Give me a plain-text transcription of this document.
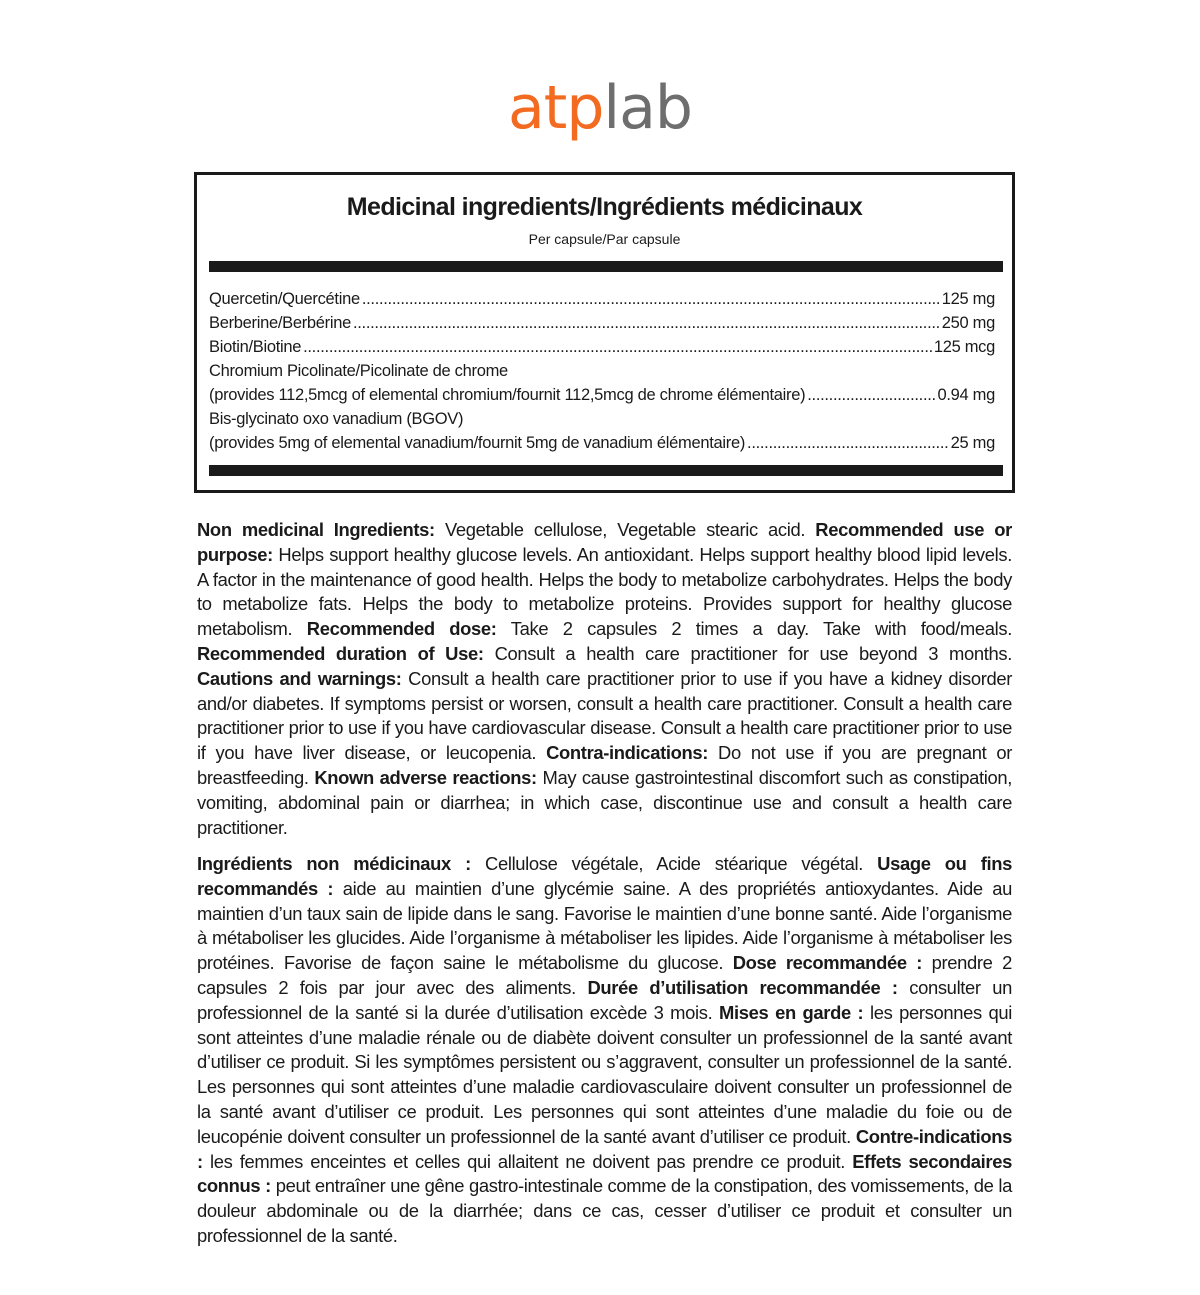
atplab
Medicinal ingredients/Ingrédients médicinaux
Per capsule/Par capsule
Quercetin/Quercétine .....	125 mg
Berberine/Berbérine .....	250 mg
Biotin/Biotine .....	125 mcg
Chromium Picolinate/Picolinate de chrome
(provides 112,5mcg of elemental chromium/fournit 112,5mcg de chrome élémentaire) .....	0.94 mg
Bis-glycinato oxo vanadium (BGOV)
(provides 5mg of elemental vanadium/fournit 5mg de vanadium élémentaire) .....	25 mg

Non medicinal Ingredients: Vegetable cellulose, Vegetable stearic acid. Recommended use or purpose: Helps support healthy glucose levels. An antioxidant. Helps support healthy blood lipid levels. A factor in the maintenance of good health. Helps the body to metabolize carbohydrates. Helps the body to metabolize fats. Helps the body to metabolize proteins. Provides support for healthy glucose metabolism. Recommended dose: Take 2 capsules 2 times a day. Take with food/meals. Recommended duration of Use: Consult a health care practitioner for use beyond 3 months. Cautions and warnings: Consult a health care practitioner prior to use if you have a kidney disorder and/or diabetes. If symptoms persist or worsen, consult a health care practitioner. Consult a health care practitioner prior to use if you have cardiovascular disease. Consult a health care practitioner prior to use if you have liver disease, or leucopenia. Contra-indications: Do not use if you are pregnant or breastfeeding. Known adverse reactions: May cause gastrointestinal discomfort such as constipation, vomiting, abdominal pain or diarrhea; in which case, discontinue use and consult a health care practitioner.

Ingrédients non médicinaux : Cellulose végétale, Acide stéarique végétal. Usage ou fins recommandés : aide au maintien d’une glycémie saine. A des propriétés antioxydantes. Aide au maintien d’un taux sain de lipide dans le sang. Favorise le maintien d’une bonne santé. Aide l’organisme à métaboliser les glucides. Aide l’organisme à métaboliser les lipides. Aide l’organisme à métaboliser les protéines. Favorise de façon saine le métabolisme du glucose. Dose recommandée : prendre 2 capsules 2 fois par jour avec des aliments. Durée d’utilisation recommandée : consulter un professionnel de la santé si la durée d’utilisation excède 3 mois. Mises en garde : les personnes qui sont atteintes d’une maladie rénale ou de diabète doivent consulter un professionnel de la santé avant d’utiliser ce produit. Si les symptômes persistent ou s’aggravent, consulter un professionnel de la santé. Les personnes qui sont atteintes d’une maladie cardiovasculaire doivent consulter un professionnel de la santé avant d’utiliser ce produit. Les personnes qui sont atteintes d’une maladie du foie ou de leucopénie doivent consulter un professionnel de la santé avant d’utiliser ce produit. Contre-indications : les femmes enceintes et celles qui allaitent ne doivent pas prendre ce produit. Effets secondaires connus : peut entraîner une gêne gastro-intestinale comme de la constipation, des vomissements, de la douleur abdominale ou de la diarrhée; dans ce cas, cesser d’utiliser ce produit et consulter un professionnel de la santé.
